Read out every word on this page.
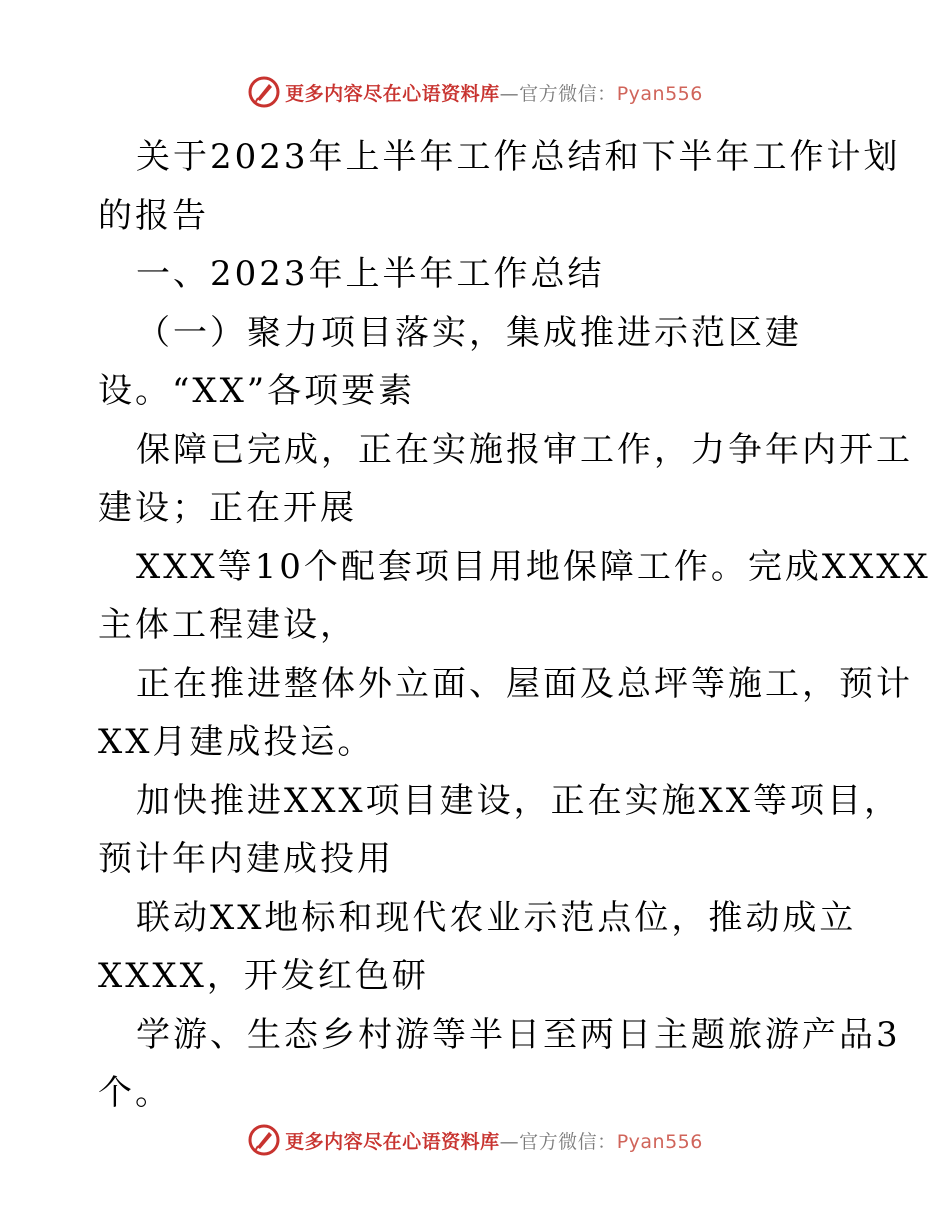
更多内容尽在心语资料库—官方微信：Pyan556

关于2023年上半年工作总结和下半年工作计划

的报告

一、2023年上半年工作总结

（一）聚力项目落实，集成推进示范区建

设。“XX”各项要素

保障已完成，正在实施报审工作，力争年内开工

建设；正在开展

XXX等10个配套项目用地保障工作。完成XXXX

主体工程建设，

正在推进整体外立面、屋面及总坪等施工，预计

XX月建成投运。

加快推进XXX项目建设，正在实施XX等项目，

预计年内建成投用

联动XX地标和现代农业示范点位，推动成立

XXXX，开发红色研

学游、生态乡村游等半日至两日主题旅游产品3

个。

更多内容尽在心语资料库—官方微信：Pyan556
